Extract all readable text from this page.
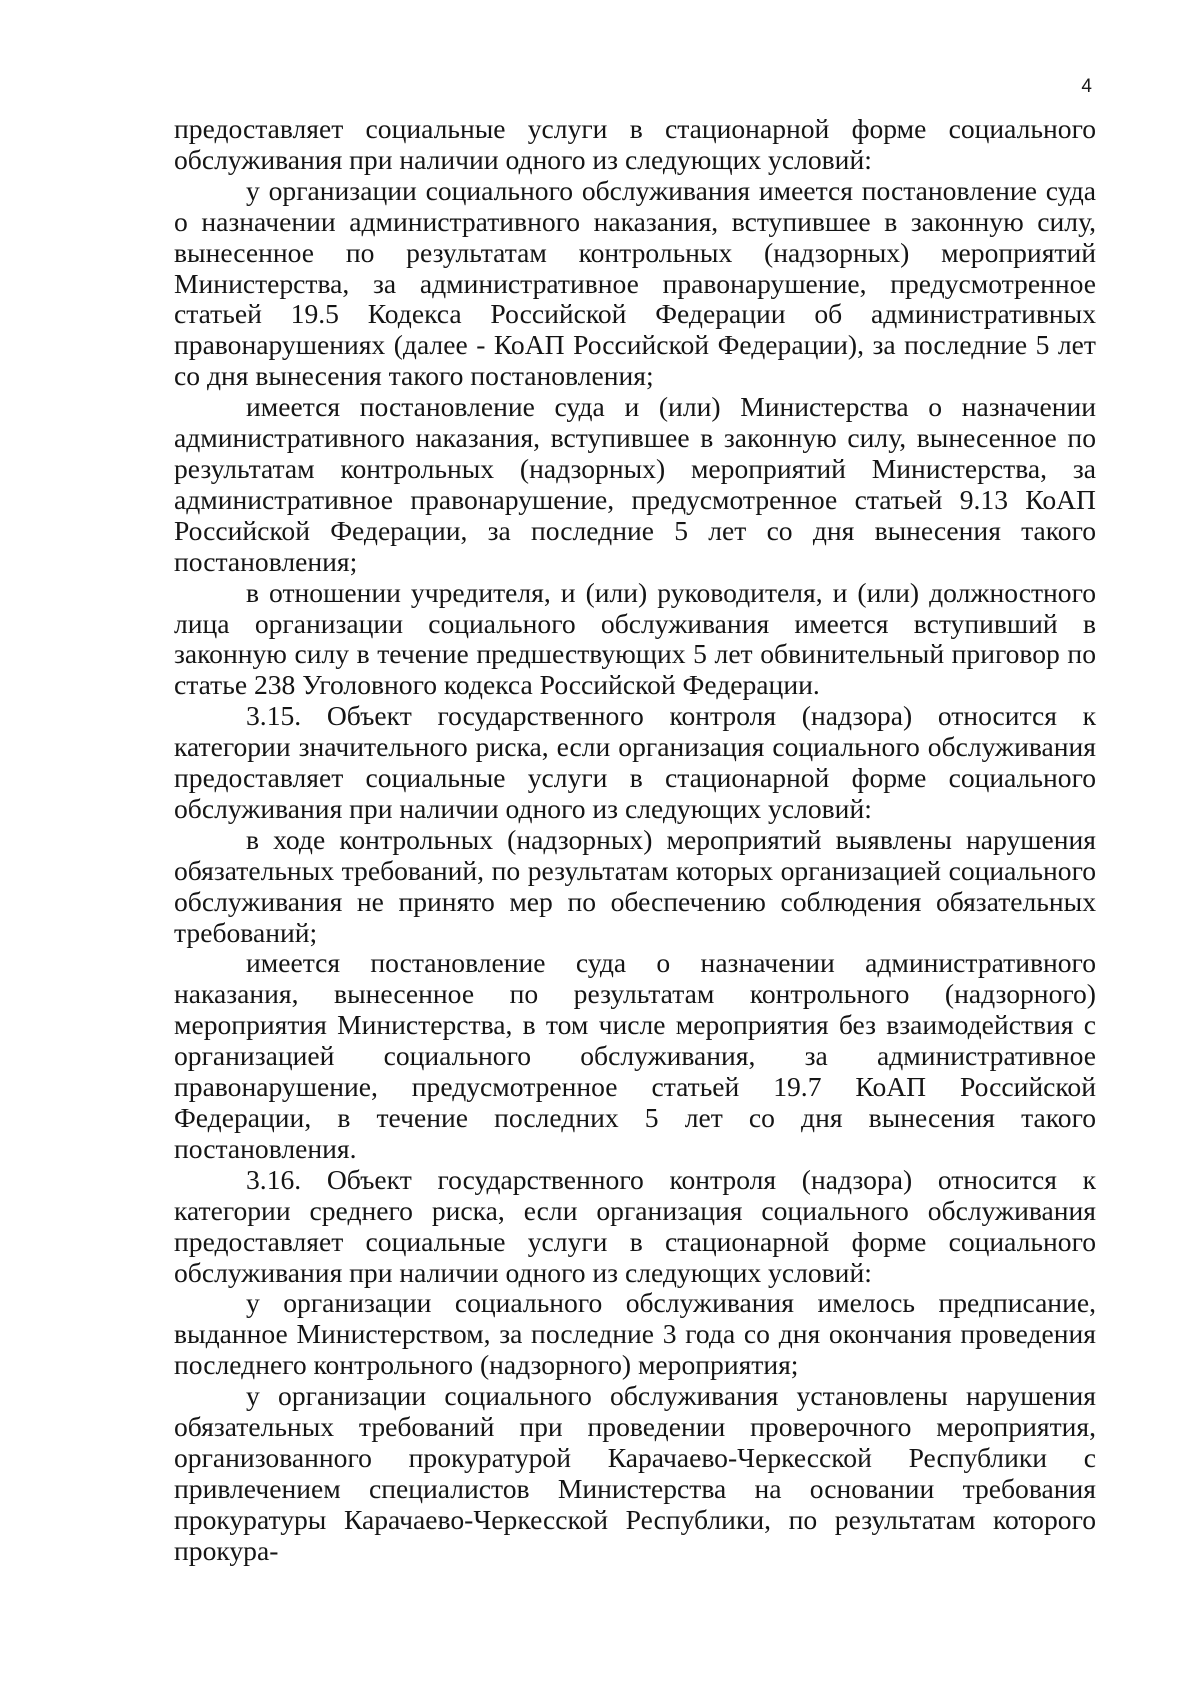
4

предоставляет социальные услуги в стационарной форме социального обслуживания при наличии одного из следующих условий:

у организации социального обслуживания имеется постановление суда о назначении административного наказания, вступившее в законную силу, вынесенное по результатам контрольных (надзорных) мероприятий Министерства, за административное правонарушение, предусмотренное статьей 19.5 Кодекса Российской Федерации об административных правонарушениях (далее - КоАП Российской Федерации), за последние 5 лет со дня вынесения такого постановления;

имеется постановление суда и (или) Министерства о назначении административного наказания, вступившее в законную силу, вынесенное по результатам контрольных (надзорных) мероприятий Министерства, за административное правонарушение, предусмотренное статьей 9.13 КоАП Российской Федерации, за последние 5 лет со дня вынесения такого постановления;

в отношении учредителя, и (или) руководителя, и (или) должностного лица организации социального обслуживания имеется вступивший в законную силу в течение предшествующих 5 лет обвинительный приговор по статье 238 Уголовного кодекса Российской Федерации.

3.15. Объект государственного контроля (надзора) относится к категории значительного риска, если организация социального обслуживания предоставляет социальные услуги в стационарной форме социального обслуживания при наличии одного из следующих условий:

в ходе контрольных (надзорных) мероприятий выявлены нарушения обязательных требований, по результатам которых организацией социального обслуживания не принято мер по обеспечению соблюдения обязательных требований;

имеется постановление суда о назначении административного наказания, вынесенное по результатам контрольного (надзорного) мероприятия Министерства, в том числе мероприятия без взаимодействия с организацией социального обслуживания, за административное правонарушение, предусмотренное статьей 19.7 КоАП Российской Федерации, в течение последних 5 лет со дня вынесения такого постановления.

3.16. Объект государственного контроля (надзора) относится к категории среднего риска, если организация социального обслуживания предоставляет социальные услуги в стационарной форме социального обслуживания при наличии одного из следующих условий:

у организации социального обслуживания имелось предписание, выданное Министерством, за последние 3 года со дня окончания проведения последнего контрольного (надзорного) мероприятия;

у организации социального обслуживания установлены нарушения обязательных требований при проведении проверочного мероприятия, организованного прокуратурой Карачаево-Черкесской Республики с привлечением специалистов Министерства на основании требования прокуратуры Карачаево-Черкесской Республики, по результатам которого прокура-
